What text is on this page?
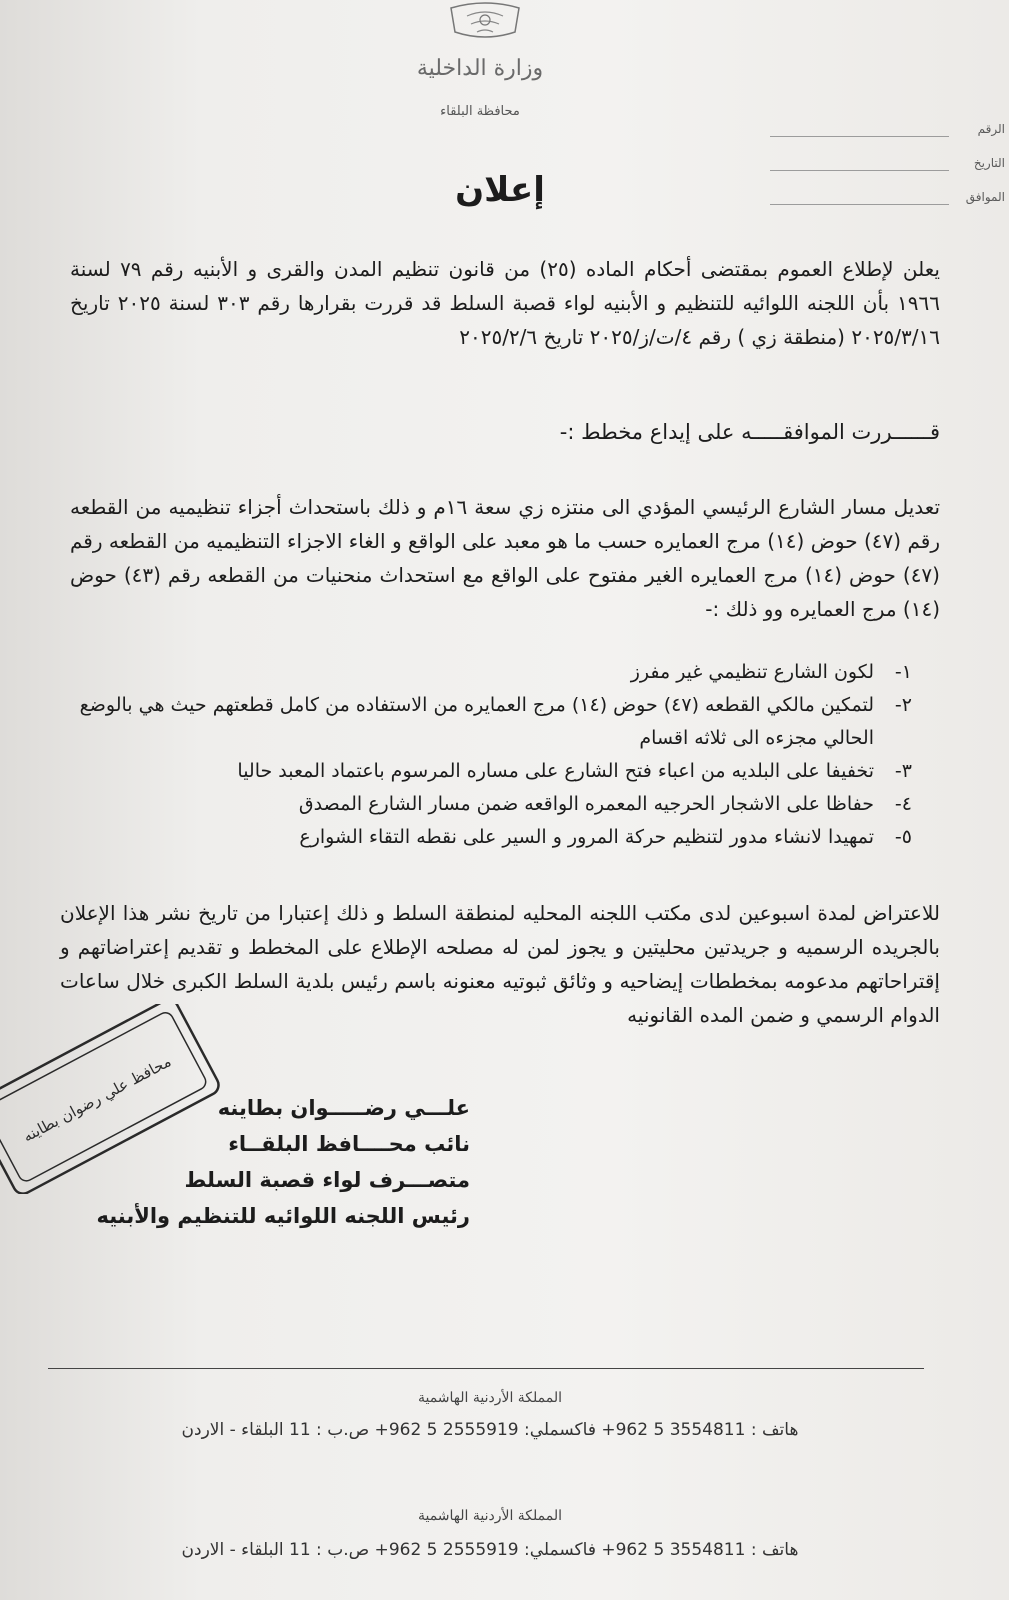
وزارة الداخلية
محافظة البلقاء
الرقم
التاريخ
الموافق
إعلان
يعلن لإطلاع العموم بمقتضى أحكام الماده (٢٥) من قانون تنظيم المدن والقرى و الأبنيه رقم ٧٩ لسنة ١٩٦٦ بأن اللجنه اللوائيه للتنظيم و الأبنيه لواء قصبة السلط قد قررت بقرارها رقم ٣٠٣ لسنة ٢٠٢٥ تاريخ ٢٠٢٥/٣/١٦ (منطقة زي ) رقم ٤/ت/ز/٢٠٢٥ تاريخ ٢٠٢٥/٢/٦
قــــــررت الموافقـــــه على إيداع مخطط :-
تعديل مسار الشارع الرئيسي المؤدي الى منتزه زي سعة ١٦م و ذلك باستحداث أجزاء تنظيميه من القطعه رقم (٤٧) حوض (١٤) مرج العمايره حسب ما هو معبد على الواقع و الغاء الاجزاء التنظيميه من القطعه رقم (٤٧) حوض (١٤) مرج العمايره الغير مفتوح على الواقع مع استحداث منحنيات من القطعه رقم (٤٣) حوض (١٤) مرج العمايره وو ذلك :-
١-
لكون الشارع تنظيمي غير مفرز
٢-
لتمكين مالكي القطعه (٤٧) حوض (١٤) مرج العمايره من الاستفاده من كامل قطعتهم حيث هي بالوضع الحالي مجزءه الى ثلاثه اقسام
٣-
تخفيفا على البلديه من اعباء فتح الشارع على مساره المرسوم باعتماد المعبد حاليا
٤-
حفاظا على الاشجار الحرجيه المعمره الواقعه ضمن مسار الشارع المصدق
٥-
تمهيدا لانشاء مدور لتنظيم حركة المرور و السير على نقطه التقاء الشوارع
للاعتراض لمدة اسبوعين لدى مكتب اللجنه المحليه لمنطقة السلط و ذلك إعتبارا من تاريخ نشر هذا الإعلان بالجريده الرسميه و جريدتين محليتين و يجوز لمن له مصلحه الإطلاع على المخطط و تقديم إعتراضاتهم و إقتراحاتهم مدعومه بمخططات إيضاحيه و وثائق ثبوتيه معنونه باسم رئيس بلدية السلط الكبرى خلال ساعات الدوام الرسمي و ضمن المده القانونيه
محافظ علي رضوان بطاينه	علـــي رضـــــوان بطاينه
نائب محــــافظ البلقــاء
متصـــرف لواء قصبة السلط
رئيس اللجنه اللوائيه للتنظيم والأبنيه
المملكة الأردنية الهاشمية
هاتف : 3554811 5 962+ فاكسملي: 2555919 5 962+ ص.ب : 11 البلقاء - الاردن
المملكة الأردنية الهاشمية
هاتف : 3554811 5 962+ فاكسملي: 2555919 5 962+ ص.ب : 11 البلقاء - الاردن
